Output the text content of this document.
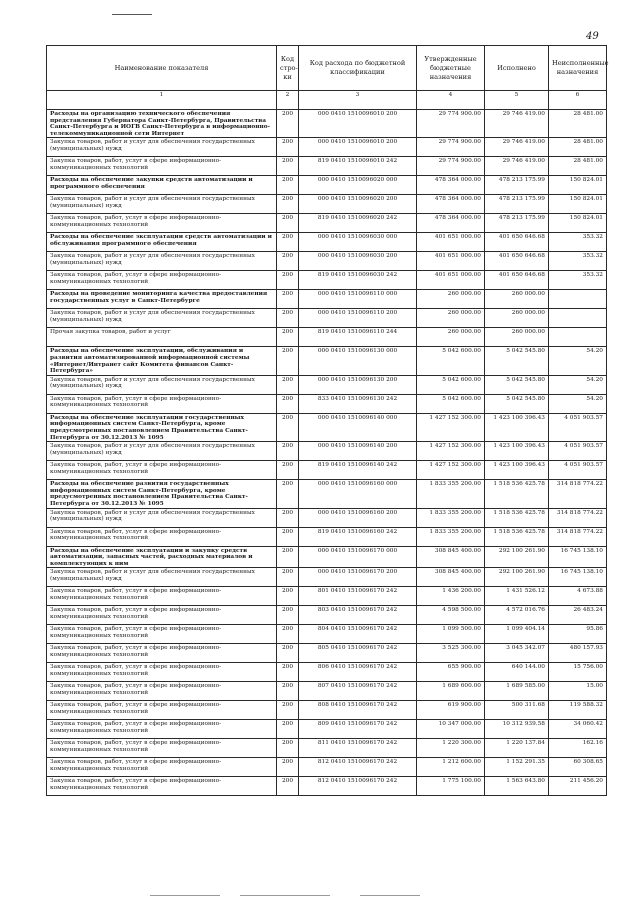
49
Наименование показателя	Код стро- ки	Код расхода по бюджетной классификации	Утвержденные бюджетные назначения	Исполнено	Неисполненные назначения
1	2	3	4	5	6
Расходы на организацию технического обеспечения представления Губернатора Санкт-Петербурга, Правительства Санкт-Петербурга и ИОГВ Санкт-Петербурга в информационно-телекоммуникационной сети Интернет	200	000 0410 1510096010 200	29 774 900.00	29 746 419.00	28 481.00
Закупка товаров, работ и услуг для обеспечения государственных (муниципальных) нужд	200	000 0410 1510096010 200	29 774 900.00	29 746 419.00	28 481.00
Закупка товаров, работ, услуг в сфере информационно-коммуникационных технологий	200	819 0410 1510096010 242	29 774 900.00	29 746 419.00	28 481.00
Расходы на обеспечение закупки средств автоматизации и программного обеспечения	200	000 0410 1510096020 000	478 364 000.00	478 213 175.99	150 824.01
Закупка товаров, работ и услуг для обеспечения государственных (муниципальных) нужд	200	000 0410 1510096020 200	478 364 000.00	478 213 175.99	150 824.01
Закупка товаров, работ, услуг в сфере информационно-коммуникационных технологий	200	819 0410 1510096020 242	478 364 000.00	478 213 175.99	150 824.01
Расходы на обеспечение эксплуатации средств автоматизации и обслуживания программного обеспечения	200	000 0410 1510096030 000	401 651 000.00	401 650 646.68	353.32
Закупка товаров, работ и услуг для обеспечения государственных (муниципальных) нужд	200	000 0410 1510096030 200	401 651 000.00	401 650 646.68	353.32
Закупка товаров, работ, услуг в сфере информационно-коммуникационных технологий	200	819 0410 1510096030 242	401 651 000.00	401 650 646.68	353.32
Расходы на проведение мониторинга качества предоставления государственных услуг в Санкт-Петербурге	200	000 0410 1510096110 000	260 000.00	260 000.00	
Закупка товаров, работ и услуг для обеспечения государственных (муниципальных) нужд	200	000 0410 1510096110 200	260 000.00	260 000.00	
Прочая закупка товаров, работ и услуг	200	819 0410 1510096110 244	260 000.00	260 000.00	
Расходы на обеспечение эксплуатации, обслуживания и развития автоматизированной информационной системы «Интернет/Интранет сайт Комитета финансов Санкт-Петербурга»	200	000 0410 1510096130 000	5 042 600.00	5 042 545.80	54.20
Закупка товаров, работ и услуг для обеспечения государственных (муниципальных) нужд	200	000 0410 1510096130 200	5 042 600.00	5 042 545.80	54.20
Закупка товаров, работ, услуг в сфере информационно-коммуникационных технологий	200	833 0410 1510096130 242	5 042 600.00	5 042 545.80	54.20
Расходы на обеспечение эксплуатации государственных информационных систем Санкт-Петербурга, кроме предусмотренных постановлением Правительства Санкт-Петербурга от 30.12.2013 № 1095	200	000 0410 1510096140 000	1 427 152 300.00	1 423 100 396.43	4 051 903.57
Закупка товаров, работ и услуг для обеспечения государственных (муниципальных) нужд	200	000 0410 1510096140 200	1 427 152 300.00	1 423 100 396.43	4 051 903.57
Закупка товаров, работ, услуг в сфере информационно-коммуникационных технологий	200	819 0410 1510096140 242	1 427 152 300.00	1 423 100 396.43	4 051 903.57
Расходы на обеспечение развития государственных информационных систем Санкт-Петербурга, кроме предусмотренных постановлением Правительства Санкт-Петербурга от 30.12.2013 № 1095	200	000 0410 1510096160 000	1 833 355 200.00	1 518 536 425.78	314 818 774.22
Закупка товаров, работ и услуг для обеспечения государственных (муниципальных) нужд	200	000 0410 1510096160 200	1 833 355 200.00	1 518 536 425.78	314 818 774.22
Закупка товаров, работ, услуг в сфере информационно-коммуникационных технологий	200	819 0410 1510096160 242	1 833 355 200.00	1 518 536 425.78	314 818 774.22
Расходы на обеспечение эксплуатации и закупку средств автоматизации, запасных частей, расходных материалов и комплектующих к ним	200	000 0410 1510096170 000	308 845 400.00	292 100 261.90	16 745 138.10
Закупка товаров, работ и услуг для обеспечения государственных (муниципальных) нужд	200	000 0410 1510096170 200	308 845 400.00	292 100 261.90	16 745 138.10
Закупка товаров, работ, услуг в сфере информационно-коммуникационных технологий	200	801 0410 1510096170 242	1 436 200.00	1 431 526.12	4 673.88
Закупка товаров, работ, услуг в сфере информационно-коммуникационных технологий	200	803 0410 1510096170 242	4 598 500.00	4 572 016.76	26 483.24
Закупка товаров, работ, услуг в сфере информационно-коммуникационных технологий	200	804 0410 1510096170 242	1 099 500.00	1 099 404.14	95.86
Закупка товаров, работ, услуг в сфере информационно-коммуникационных технологий	200	805 0410 1510096170 242	3 525 300.00	3 045 342.07	480 157.93
Закупка товаров, работ, услуг в сфере информационно-коммуникационных технологий	200	806 0410 1510096170 242	655 900.00	640 144.00	15 756.00
Закупка товаров, работ, услуг в сфере информационно-коммуникационных технологий	200	807 0410 1510096170 242	1 689 600.00	1 689 585.00	15.00
Закупка товаров, работ, услуг в сфере информационно-коммуникационных технологий	200	808 0410 1510096170 242	619 900.00	500 311.68	119 588.32
Закупка товаров, работ, услуг в сфере информационно-коммуникационных технологий	200	809 0410 1510096170 242	10 347 000.00	10 312 939.58	34 060.42
Закупка товаров, работ, услуг в сфере информационно-коммуникационных технологий	200	811 0410 1510096170 242	1 220 300.00	1 220 137.84	162.16
Закупка товаров, работ, услуг в сфере информационно-коммуникационных технологий	200	812 0410 1510096170 242	1 212 600.00	1 152 291.35	60 308.65
Закупка товаров, работ, услуг в сфере информационно-коммуникационных технологий	200	812 0410 1510096170 242	1 775 100.00	1 563 643.80	211 456.20
